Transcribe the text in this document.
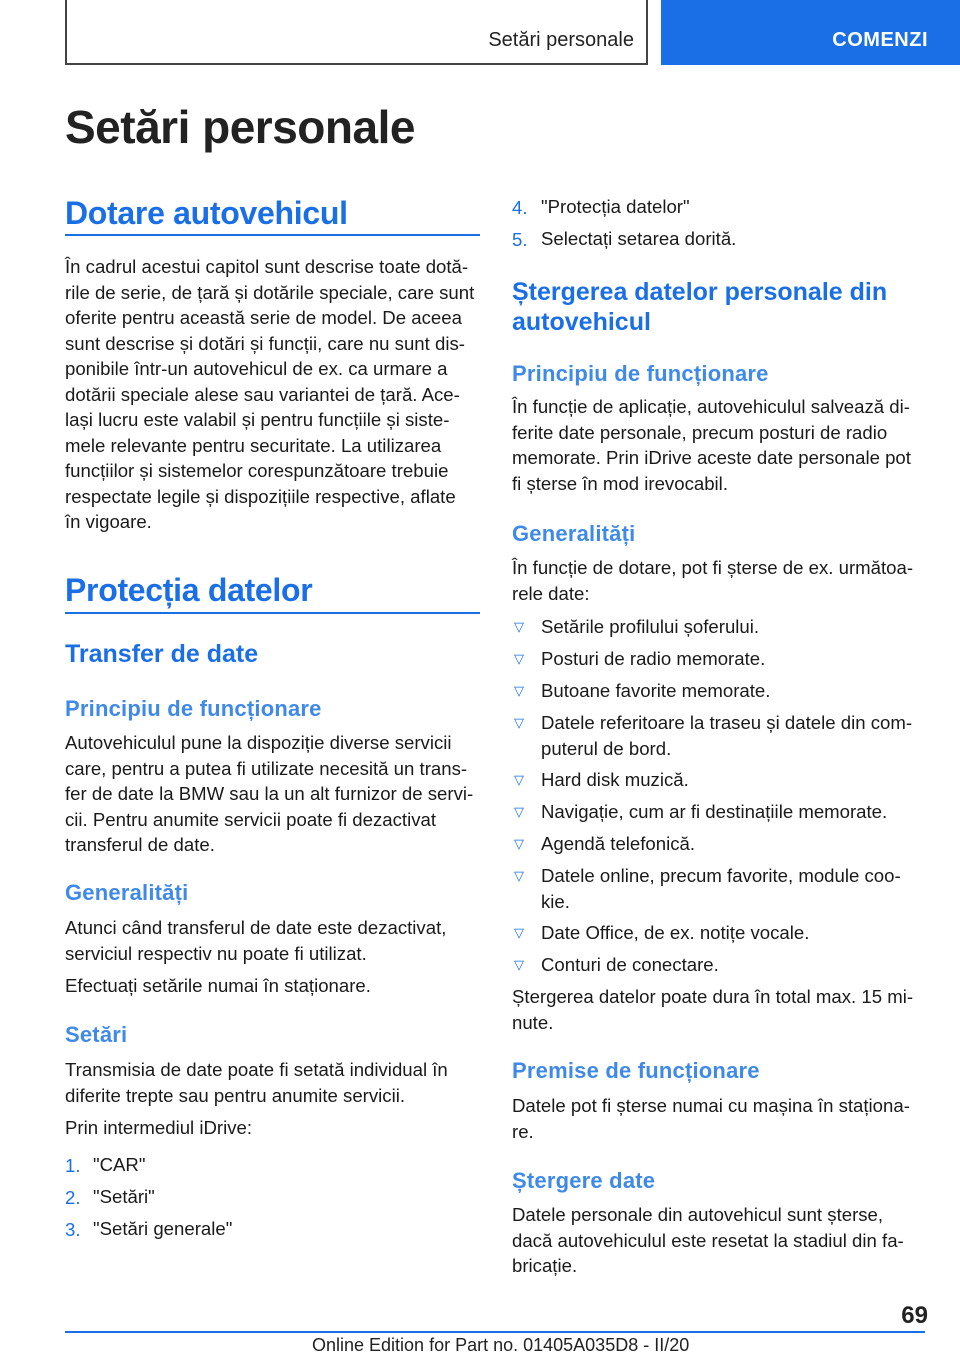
Setări personale	COMENZI
Setări personale
Dotare autovehicul
În cadrul acestui capitol sunt descrise toate dotă-
rile de serie, de țară și dotările speciale, care sunt
oferite pentru această serie de model. De aceea
sunt descrise și dotări și funcții, care nu sunt dis-
ponibile într-un autovehicul de ex. ca urmare a
dotării speciale alese sau variantei de țară. Ace-
lași lucru este valabil și pentru funcțiile și siste-
mele relevante pentru securitate. La utilizarea
funcțiilor și sistemelor corespunzătoare trebuie
respectate legile și dispozițiile respective, aflate
în vigoare.
Protecția datelor
Transfer de date
Principiu de funcționare
Autovehiculul pune la dispoziție diverse servicii
care, pentru a putea fi utilizate necesită un trans-
fer de date la BMW sau la un alt furnizor de servi-
cii. Pentru anumite servicii poate fi dezactivat
transferul de date.
Generalități
Atunci când transferul de date este dezactivat,
serviciul respectiv nu poate fi utilizat.
Efectuați setările numai în staționare.
Setări
Transmisia de date poate fi setată individual în
diferite trepte sau pentru anumite servicii.
Prin intermediul iDrive:
1. "CAR"
2. "Setări"
3. "Setări generale"
4. "Protecția datelor"
5. Selectați setarea dorită.
Ștergerea datelor personale din
autovehicul
Principiu de funcționare
În funcție de aplicație, autovehiculul salvează di-
ferite date personale, precum posturi de radio
memorate. Prin iDrive aceste date personale pot
fi șterse în mod irevocabil.
Generalități
În funcție de dotare, pot fi șterse de ex. următoa-
rele date:
▽ Setările profilului șoferului.
▽ Posturi de radio memorate.
▽ Butoane favorite memorate.
▽ Datele referitoare la traseu și datele din com-
puterul de bord.
▽ Hard disk muzică.
▽ Navigație, cum ar fi destinațiile memorate.
▽ Agendă telefonică.
▽ Datele online, precum favorite, module coo-
kie.
▽ Date Office, de ex. notițe vocale.
▽ Conturi de conectare.
Ștergerea datelor poate dura în total max. 15 mi-
nute.
Premise de funcționare
Datele pot fi șterse numai cu mașina în staționa-
re.
Ștergere date
Datele personale din autovehicul sunt șterse,
dacă autovehiculul este resetat la stadiul din fa-
bricație.
69
Online Edition for Part no. 01405A035D8 - II/20
